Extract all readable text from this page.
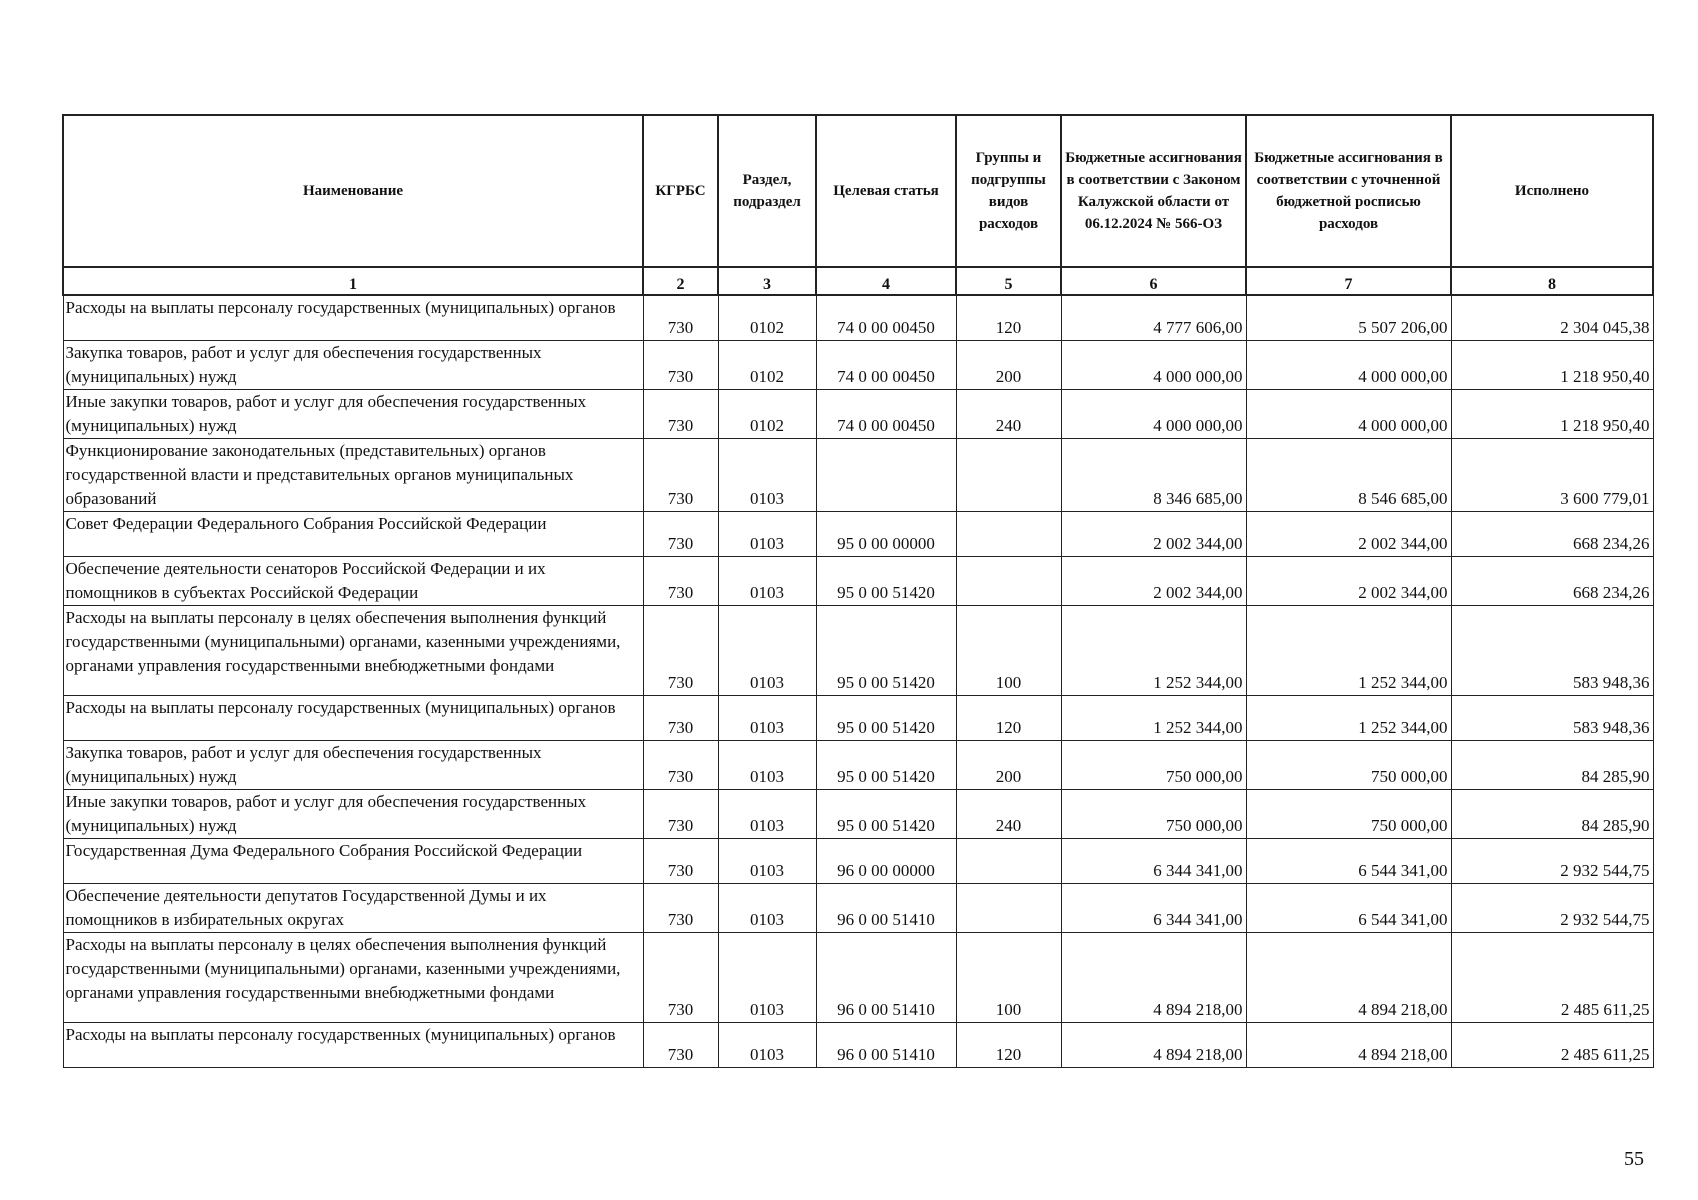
Наименование	КГРБС	Раздел, подраздел	Целевая статья	Группы и подгруппы видов расходов	Бюджетные ассигнования в соответствии с Законом Калужской области от 06.12.2024 № 566-ОЗ	Бюджетные ассигнования в соответствии с уточненной бюджетной росписью расходов	Исполнено
1	2	3	4	5	6	7	8
Расходы на выплаты персоналу государственных (муниципальных) органов	730	0102	74 0 00 00450	120	4 777 606,00	5 507 206,00	2 304 045,38
Закупка товаров, работ и услуг для обеспечения государственных (муниципальных) нужд	730	0102	74 0 00 00450	200	4 000 000,00	4 000 000,00	1 218 950,40
Иные закупки товаров, работ и услуг для обеспечения государственных (муниципальных) нужд	730	0102	74 0 00 00450	240	4 000 000,00	4 000 000,00	1 218 950,40
Функционирование законодательных (представительных) органов государственной власти и представительных органов муниципальных образований	730	0103			8 346 685,00	8 546 685,00	3 600 779,01
Совет Федерации Федерального Собрания Российской Федерации	730	0103	95 0 00 00000		2 002 344,00	2 002 344,00	668 234,26
Обеспечение деятельности сенаторов Российской Федерации и их помощников в субъектах Российской Федерации	730	0103	95 0 00 51420		2 002 344,00	2 002 344,00	668 234,26
Расходы на выплаты персоналу в целях обеспечения выполнения функций государственными (муниципальными) органами, казенными учреждениями, органами управления государственными внебюджетными фондами	730	0103	95 0 00 51420	100	1 252 344,00	1 252 344,00	583 948,36
Расходы на выплаты персоналу государственных (муниципальных) органов	730	0103	95 0 00 51420	120	1 252 344,00	1 252 344,00	583 948,36
Закупка товаров, работ и услуг для обеспечения государственных (муниципальных) нужд	730	0103	95 0 00 51420	200	750 000,00	750 000,00	84 285,90
Иные закупки товаров, работ и услуг для обеспечения государственных (муниципальных) нужд	730	0103	95 0 00 51420	240	750 000,00	750 000,00	84 285,90
Государственная Дума Федерального Собрания Российской Федерации	730	0103	96 0 00 00000		6 344 341,00	6 544 341,00	2 932 544,75
Обеспечение деятельности депутатов Государственной Думы и их помощников в избирательных округах	730	0103	96 0 00 51410		6 344 341,00	6 544 341,00	2 932 544,75
Расходы на выплаты персоналу в целях обеспечения выполнения функций государственными (муниципальными) органами, казенными учреждениями, органами управления государственными внебюджетными фондами	730	0103	96 0 00 51410	100	4 894 218,00	4 894 218,00	2 485 611,25
Расходы на выплаты персоналу государственных (муниципальных) органов	730	0103	96 0 00 51410	120	4 894 218,00	4 894 218,00	2 485 611,25
55
